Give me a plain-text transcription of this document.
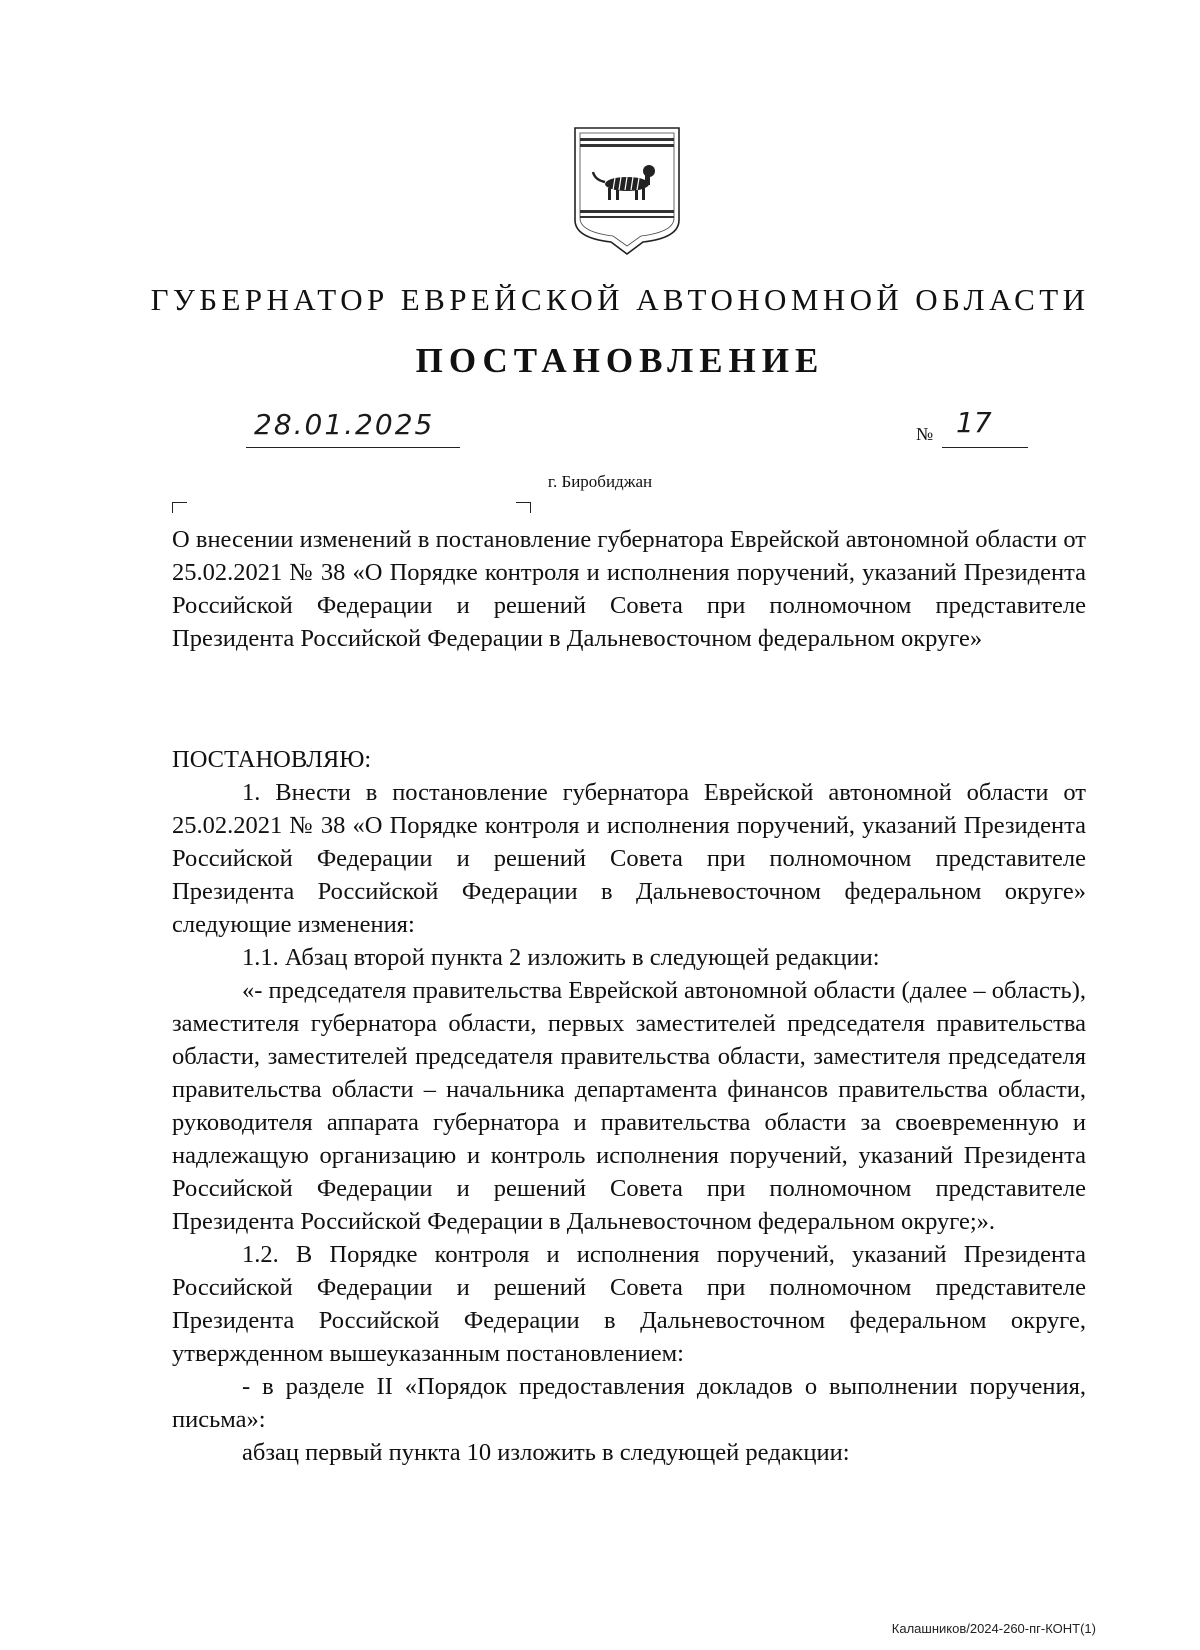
ГУБЕРНАТОР ЕВРЕЙСКОЙ АВТОНОМНОЙ ОБЛАСТИ
ПОСТАНОВЛЕНИЕ
28.01.2025	№ 17
г. Биробиджан
О внесении изменений в постановление губернатора Еврейской автономной области от 25.02.2021 № 38 «О Порядке контроля и исполнения поручений, указаний Президента Российской Федерации и решений Совета при полномочном представителе Президента Российской Федерации в Дальневосточном федеральном округе»
ПОСТАНОВЛЯЮ:

1. Внести в постановление губернатора Еврейской автономной области от 25.02.2021 № 38 «О Порядке контроля и исполнения поручений, указаний Президента Российской Федерации и решений Совета при полномочном представителе Президента Российской Федерации в Дальневосточном федеральном округе» следующие изменения:

1.1. Абзац второй пункта 2 изложить в следующей редакции:

«- председателя правительства Еврейской автономной области (далее – область), заместителя губернатора области, первых заместителей председателя правительства области, заместителей председателя правительства области, заместителя председателя правительства области – начальника департамента финансов правительства области, руководителя аппарата губернатора и правительства области за своевременную и надлежащую организацию и контроль исполнения поручений, указаний Президента Российской Федерации и решений Совета при полномочном представителе Президента Российской Федерации в Дальневосточном федеральном округе;».

1.2. В Порядке контроля и исполнения поручений, указаний Президента Российской Федерации и решений Совета при полномочном представителе Президента Российской Федерации в Дальневосточном федеральном округе, утвержденном вышеуказанным постановлением:

- в разделе II «Порядок предоставления докладов о выполнении поручения, письма»:

абзац первый пункта 10 изложить в следующей редакции:

Калашников/2024-260-пг-КОНТ(1)
